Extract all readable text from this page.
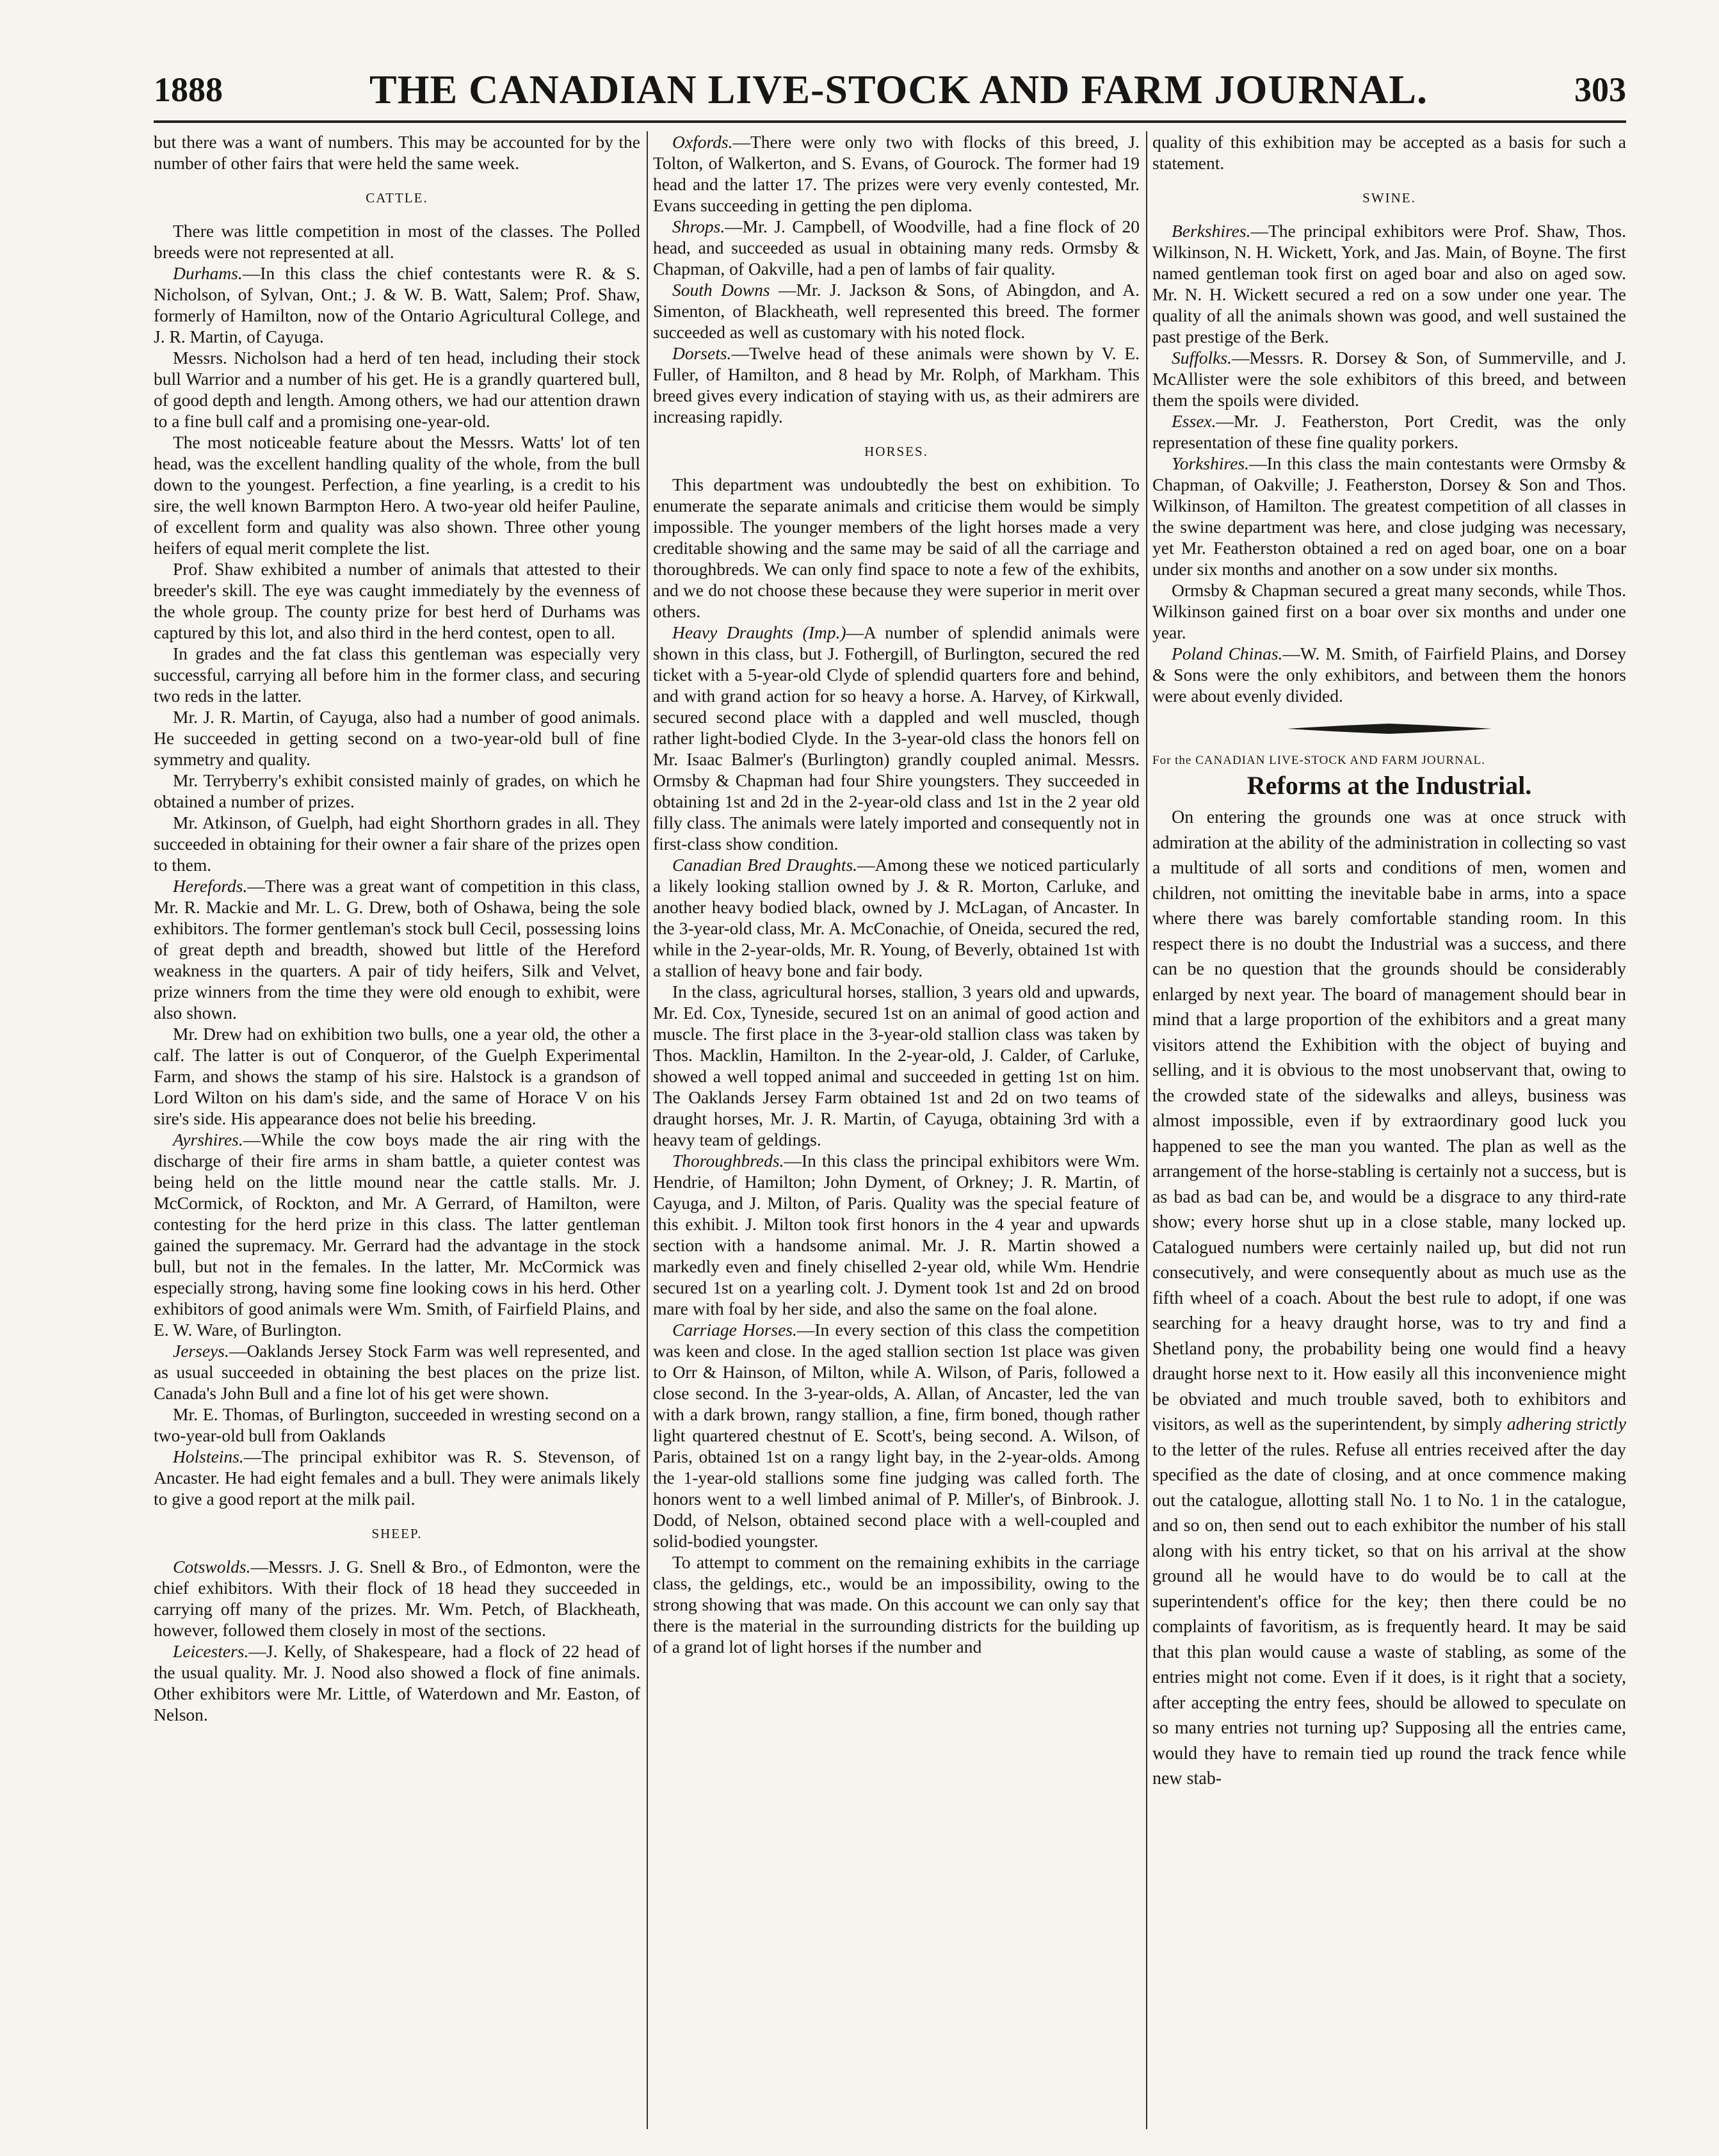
1888	THE CANADIAN LIVE-STOCK AND FARM JOURNAL.	303

but there was a want of numbers. This may be accounted for by the number of other fairs that were held the same week.

CATTLE.

There was little competition in most of the classes. The Polled breeds were not represented at all.

Durhams.—In this class the chief contestants were R. & S. Nicholson, of Sylvan, Ont.; J. & W. B. Watt, Salem; Prof. Shaw, formerly of Hamilton, now of the Ontario Agricultural College, and J. R. Martin, of Cayuga.

Messrs. Nicholson had a herd of ten head, including their stock bull Warrior and a number of his get. He is a grandly quartered bull, of good depth and length. Among others, we had our attention drawn to a fine bull calf and a promising one-year-old.

The most noticeable feature about the Messrs. Watts' lot of ten head, was the excellent handling quality of the whole, from the bull down to the youngest. Perfection, a fine yearling, is a credit to his sire, the well known Barmpton Hero. A two-year old heifer Pauline, of excellent form and quality was also shown. Three other young heifers of equal merit complete the list.

Prof. Shaw exhibited a number of animals that attested to their breeder's skill. The eye was caught immediately by the evenness of the whole group. The county prize for best herd of Durhams was captured by this lot, and also third in the herd contest, open to all.

In grades and the fat class this gentleman was especially very successful, carrying all before him in the former class, and securing two reds in the latter.

Mr. J. R. Martin, of Cayuga, also had a number of good animals. He succeeded in getting second on a two-year-old bull of fine symmetry and quality.

Mr. Terryberry's exhibit consisted mainly of grades, on which he obtained a number of prizes.

Mr. Atkinson, of Guelph, had eight Shorthorn grades in all. They succeeded in obtaining for their owner a fair share of the prizes open to them.

Herefords.—There was a great want of competition in this class, Mr. R. Mackie and Mr. L. G. Drew, both of Oshawa, being the sole exhibitors. The former gentleman's stock bull Cecil, possessing loins of great depth and breadth, showed but little of the Hereford weakness in the quarters. A pair of tidy heifers, Silk and Velvet, prize winners from the time they were old enough to exhibit, were also shown.

Mr. Drew had on exhibition two bulls, one a year old, the other a calf. The latter is out of Conqueror, of the Guelph Experimental Farm, and shows the stamp of his sire. Halstock is a grandson of Lord Wilton on his dam's side, and the same of Horace V on his sire's side. His appearance does not belie his breeding.

Ayrshires.—While the cow boys made the air ring with the discharge of their fire arms in sham battle, a quieter contest was being held on the little mound near the cattle stalls. Mr. J. McCormick, of Rockton, and Mr. A Gerrard, of Hamilton, were contesting for the herd prize in this class. The latter gentleman gained the supremacy. Mr. Gerrard had the advantage in the stock bull, but not in the females. In the latter, Mr. McCormick was especially strong, having some fine looking cows in his herd. Other exhibitors of good animals were Wm. Smith, of Fairfield Plains, and E. W. Ware, of Burlington.

Jerseys.—Oaklands Jersey Stock Farm was well represented, and as usual succeeded in obtaining the best places on the prize list. Canada's John Bull and a fine lot of his get were shown.

Mr. E. Thomas, of Burlington, succeeded in wresting second on a two-year-old bull from Oaklands

Holsteins.—The principal exhibitor was R. S. Stevenson, of Ancaster. He had eight females and a bull. They were animals likely to give a good report at the milk pail.

SHEEP.

Cotswolds.—Messrs. J. G. Snell & Bro., of Edmonton, were the chief exhibitors. With their flock of 18 head they succeeded in carrying off many of the prizes. Mr. Wm. Petch, of Blackheath, however, followed them closely in most of the sections.

Leicesters.—J. Kelly, of Shakespeare, had a flock of 22 head of the usual quality. Mr. J. Nood also showed a flock of fine animals. Other exhibitors were Mr. Little, of Waterdown and Mr. Easton, of Nelson.

Oxfords.—There were only two with flocks of this breed, J. Tolton, of Walkerton, and S. Evans, of Gourock. The former had 19 head and the latter 17. The prizes were very evenly contested, Mr. Evans succeeding in getting the pen diploma.

Shrops.—Mr. J. Campbell, of Woodville, had a fine flock of 20 head, and succeeded as usual in obtaining many reds. Ormsby & Chapman, of Oakville, had a pen of lambs of fair quality.

South Downs —Mr. J. Jackson & Sons, of Abingdon, and A. Simenton, of Blackheath, well represented this breed. The former succeeded as well as customary with his noted flock.

Dorsets.—Twelve head of these animals were shown by V. E. Fuller, of Hamilton, and 8 head by Mr. Rolph, of Markham. This breed gives every indication of staying with us, as their admirers are increasing rapidly.

HORSES.

This department was undoubtedly the best on exhibition. To enumerate the separate animals and criticise them would be simply impossible. The younger members of the light horses made a very creditable showing and the same may be said of all the carriage and thoroughbreds. We can only find space to note a few of the exhibits, and we do not choose these because they were superior in merit over others.

Heavy Draughts (Imp.)—A number of splendid animals were shown in this class, but J. Fothergill, of Burlington, secured the red ticket with a 5-year-old Clyde of splendid quarters fore and behind, and with grand action for so heavy a horse. A. Harvey, of Kirkwall, secured second place with a dappled and well muscled, though rather light-bodied Clyde. In the 3-year-old class the honors fell on Mr. Isaac Balmer's (Burlington) grandly coupled animal. Messrs. Ormsby & Chapman had four Shire youngsters. They succeeded in obtaining 1st and 2d in the 2-year-old class and 1st in the 2 year old filly class. The animals were lately imported and consequently not in first-class show condition.

Canadian Bred Draughts.—Among these we noticed particularly a likely looking stallion owned by J. & R. Morton, Carluke, and another heavy bodied black, owned by J. McLagan, of Ancaster. In the 3-year-old class, Mr. A. McConachie, of Oneida, secured the red, while in the 2-year-olds, Mr. R. Young, of Beverly, obtained 1st with a stallion of heavy bone and fair body.

In the class, agricultural horses, stallion, 3 years old and upwards, Mr. Ed. Cox, Tyneside, secured 1st on an animal of good action and muscle. The first place in the 3-year-old stallion class was taken by Thos. Macklin, Hamilton. In the 2-year-old, J. Calder, of Carluke, showed a well topped animal and succeeded in getting 1st on him. The Oaklands Jersey Farm obtained 1st and 2d on two teams of draught horses, Mr. J. R. Martin, of Cayuga, obtaining 3rd with a heavy team of geldings.

Thoroughbreds.—In this class the principal exhibitors were Wm. Hendrie, of Hamilton; John Dyment, of Orkney; J. R. Martin, of Cayuga, and J. Milton, of Paris. Quality was the special feature of this exhibit. J. Milton took first honors in the 4 year and upwards section with a handsome animal. Mr. J. R. Martin showed a markedly even and finely chiselled 2-year old, while Wm. Hendrie secured 1st on a yearling colt. J. Dyment took 1st and 2d on brood mare with foal by her side, and also the same on the foal alone.

Carriage Horses.—In every section of this class the competition was keen and close. In the aged stallion section 1st place was given to Orr & Hainson, of Milton, while A. Wilson, of Paris, followed a close second. In the 3-year-olds, A. Allan, of Ancaster, led the van with a dark brown, rangy stallion, a fine, firm boned, though rather light quartered chestnut of E. Scott's, being second. A. Wilson, of Paris, obtained 1st on a rangy light bay, in the 2-year-olds. Among the 1-year-old stallions some fine judging was called forth. The honors went to a well limbed animal of P. Miller's, of Binbrook. J. Dodd, of Nelson, obtained second place with a well-coupled and solid-bodied youngster.

To attempt to comment on the remaining exhibits in the carriage class, the geldings, etc., would be an impossibility, owing to the strong showing that was made. On this account we can only say that there is the material in the surrounding districts for the building up of a grand lot of light horses if the number and

quality of this exhibition may be accepted as a basis for such a statement.

SWINE.

Berkshires.—The principal exhibitors were Prof. Shaw, Thos. Wilkinson, N. H. Wickett, York, and Jas. Main, of Boyne. The first named gentleman took first on aged boar and also on aged sow. Mr. N. H. Wickett secured a red on a sow under one year. The quality of all the animals shown was good, and well sustained the past prestige of the Berk.

Suffolks.—Messrs. R. Dorsey & Son, of Summerville, and J. McAllister were the sole exhibitors of this breed, and between them the spoils were divided.

Essex.—Mr. J. Featherston, Port Credit, was the only representation of these fine quality porkers.

Yorkshires.—In this class the main contestants were Ormsby & Chapman, of Oakville; J. Featherston, Dorsey & Son and Thos. Wilkinson, of Hamilton. The greatest competition of all classes in the swine department was here, and close judging was necessary, yet Mr. Featherston obtained a red on aged boar, one on a boar under six months and another on a sow under six months.

Ormsby & Chapman secured a great many seconds, while Thos. Wilkinson gained first on a boar over six months and under one year.

Poland Chinas.—W. M. Smith, of Fairfield Plains, and Dorsey & Sons were the only exhibitors, and between them the honors were about evenly divided.

For the CANADIAN LIVE-STOCK AND FARM JOURNAL.
Reforms at the Industrial.

On entering the grounds one was at once struck with admiration at the ability of the administration in collecting so vast a multitude of all sorts and conditions of men, women and children, not omitting the inevitable babe in arms, into a space where there was barely comfortable standing room. In this respect there is no doubt the Industrial was a success, and there can be no question that the grounds should be considerably enlarged by next year. The board of management should bear in mind that a large proportion of the exhibitors and a great many visitors attend the Exhibition with the object of buying and selling, and it is obvious to the most unobservant that, owing to the crowded state of the sidewalks and alleys, business was almost impossible, even if by extraordinary good luck you happened to see the man you wanted. The plan as well as the arrangement of the horse-stabling is certainly not a success, but is as bad as bad can be, and would be a disgrace to any third-rate show; every horse shut up in a close stable, many locked up. Catalogued numbers were certainly nailed up, but did not run consecutively, and were consequently about as much use as the fifth wheel of a coach. About the best rule to adopt, if one was searching for a heavy draught horse, was to try and find a Shetland pony, the probability being one would find a heavy draught horse next to it. How easily all this inconvenience might be obviated and much trouble saved, both to exhibitors and visitors, as well as the superintendent, by simply adhering strictly to the letter of the rules. Refuse all entries received after the day specified as the date of closing, and at once commence making out the catalogue, allotting stall No. 1 to No. 1 in the catalogue, and so on, then send out to each exhibitor the number of his stall along with his entry ticket, so that on his arrival at the show ground all he would have to do would be to call at the superintendent's office for the key; then there could be no complaints of favoritism, as is frequently heard. It may be said that this plan would cause a waste of stabling, as some of the entries might not come. Even if it does, is it right that a society, after accepting the entry fees, should be allowed to speculate on so many entries not turning up? Supposing all the entries came, would they have to remain tied up round the track fence while new stab-
